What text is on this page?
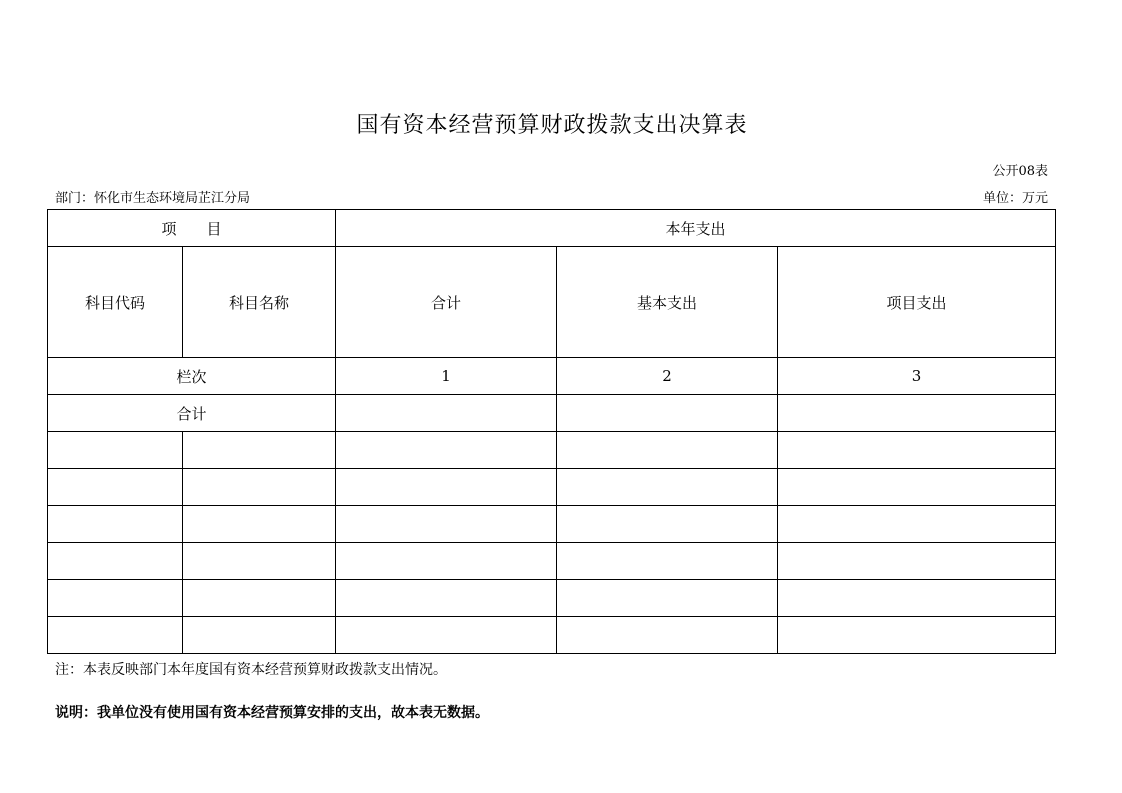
国有资本经营预算财政拨款支出决算表
公开08表
部门：怀化市生态环境局芷江分局	单位：万元
项　　目		本年支出		
科目代码	科目名称	合计	基本支出	项目支出
栏次		1	2	3
合计				

注：本表反映部门本年度国有资本经营预算财政拨款支出情况。
说明：我单位没有使用国有资本经营预算安排的支出，故本表无数据。
